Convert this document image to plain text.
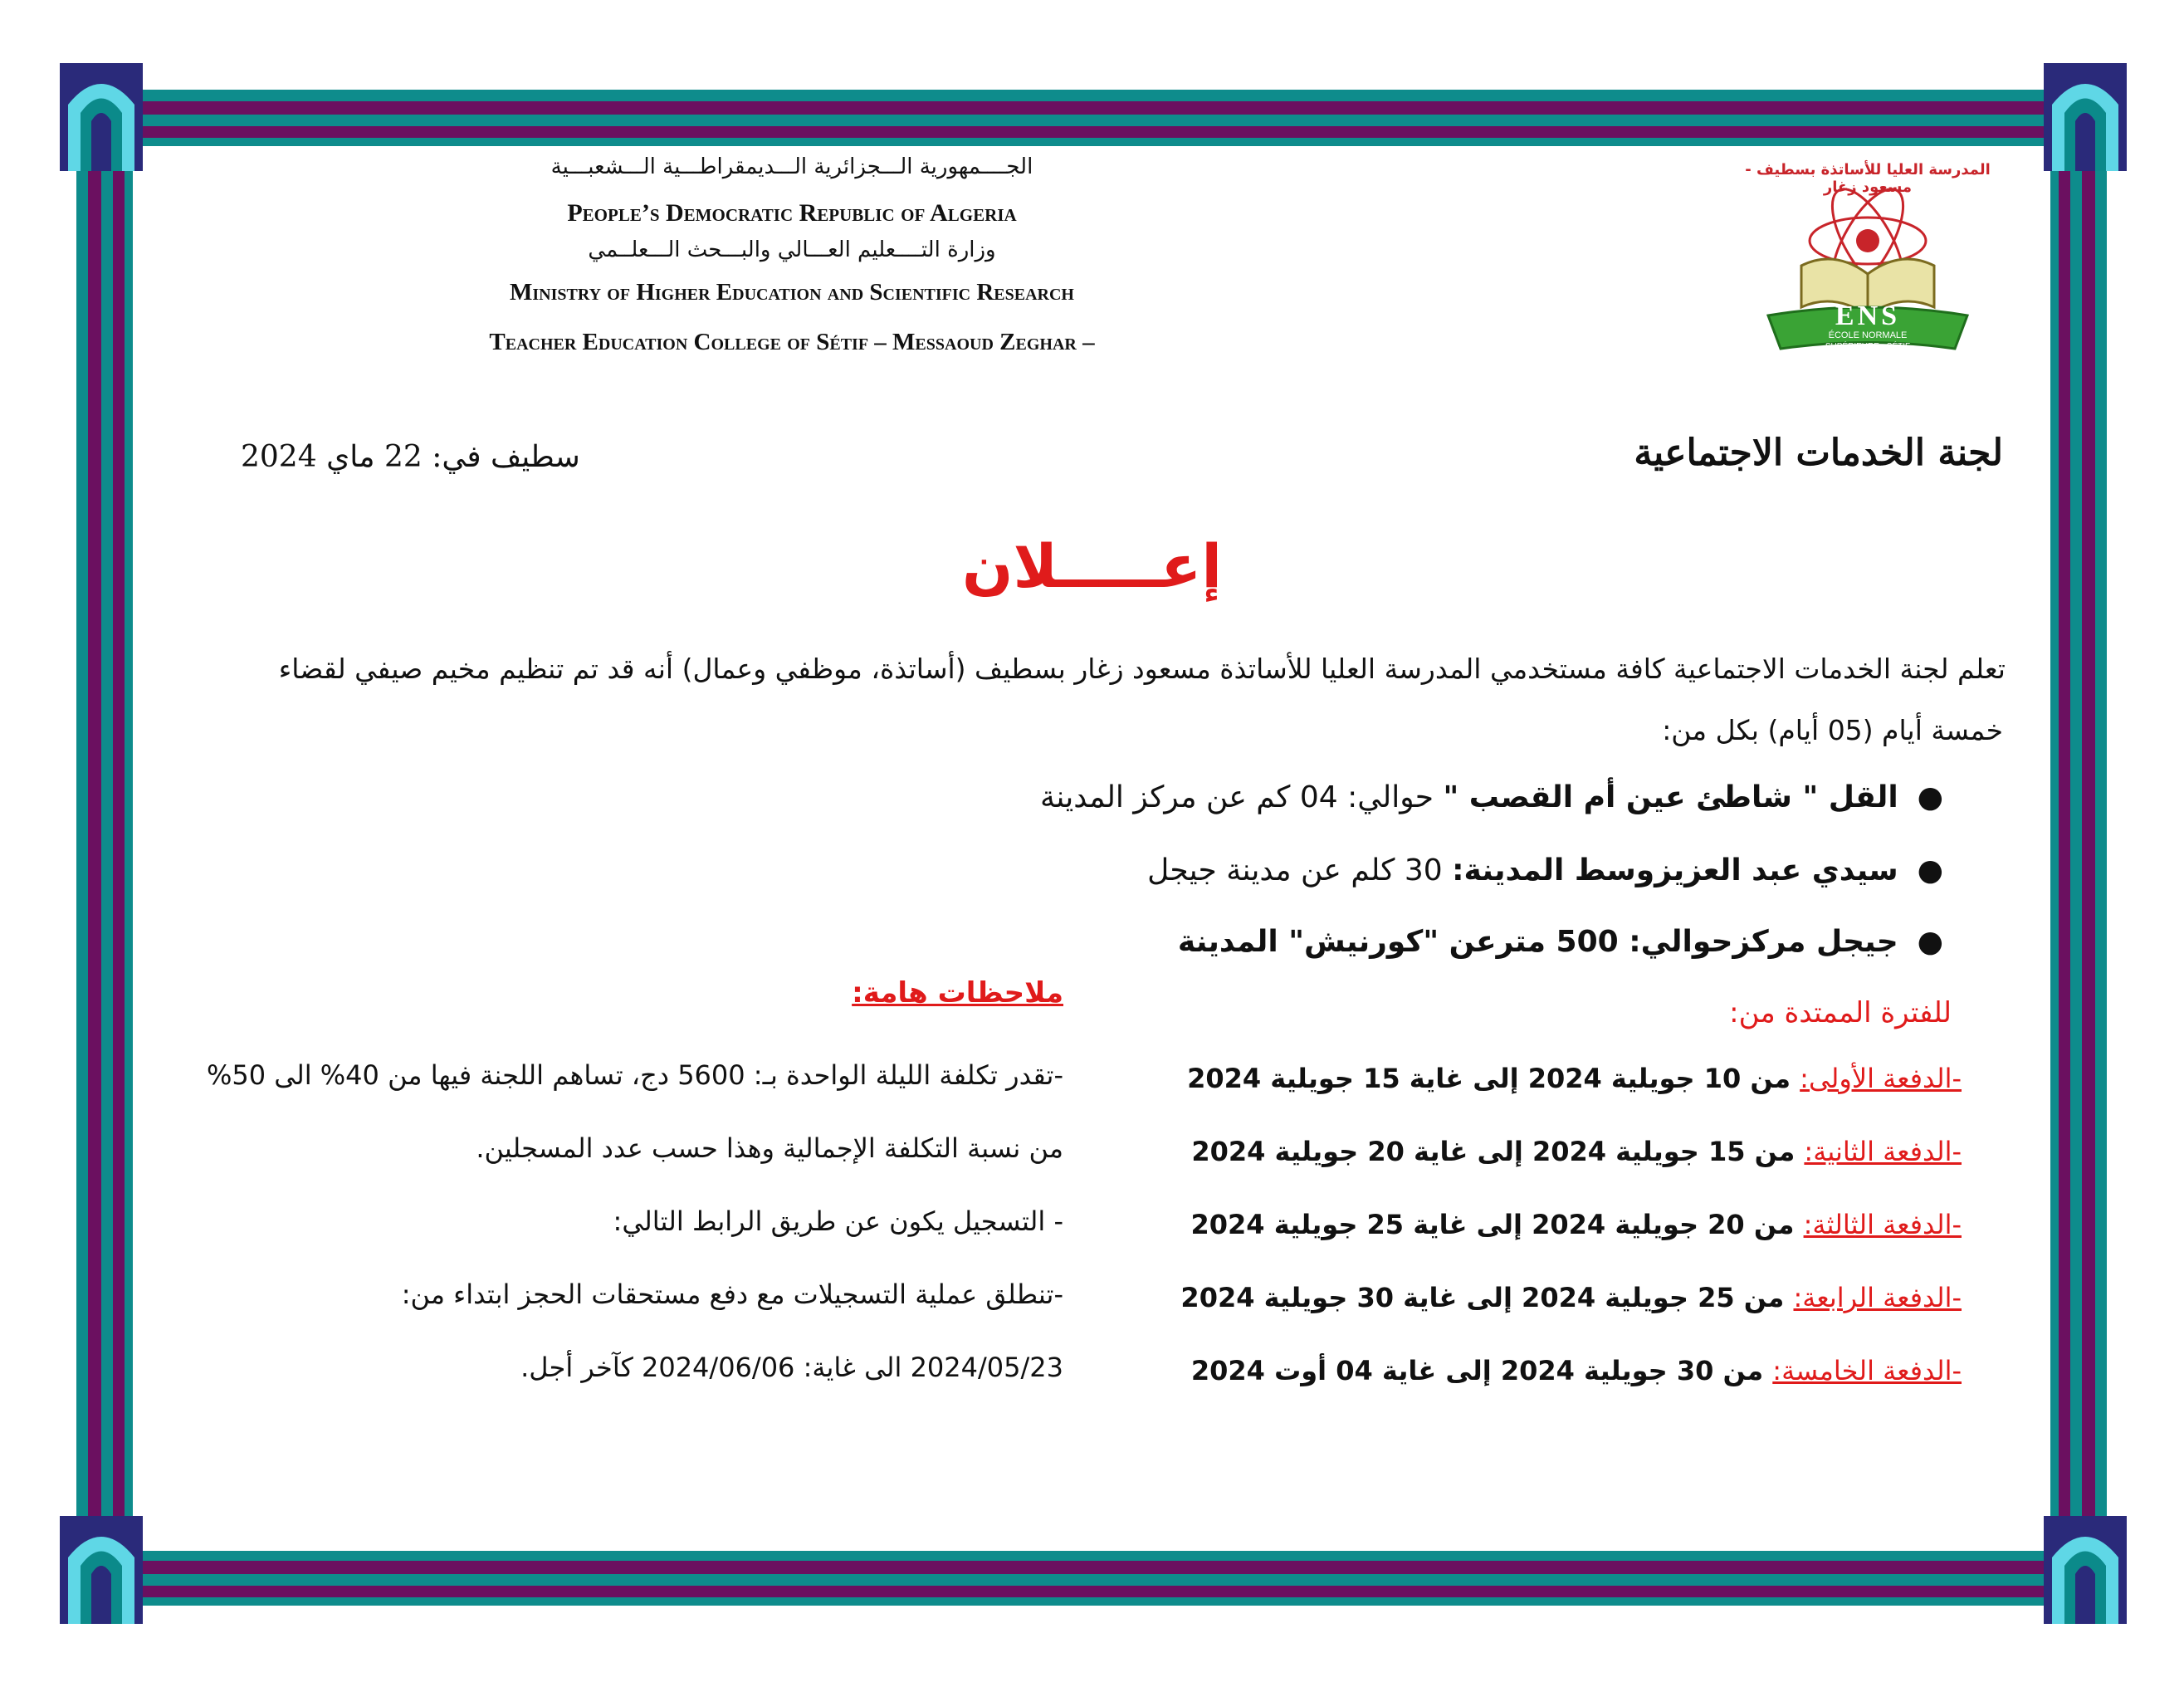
الجــــمهورية الـــجزائرية الـــديمقراطـــية الـــشعبـــية
People’s Democratic Republic of Algeria
وزارة التــــعليم العـــالي والبـــحث الـــعلــمي
Ministry of Higher Education and Scientific Research
Teacher Education College of Sétif – Messaoud Zeghar –
المدرسة العليا للأساتذة بسطيف - مسعود زغار
ENS
ÉCOLE NORMALE
SUPÉRIEURE - SÉTIF
لجنة الخدمات الاجتماعية
سطيف في: 22 ماي 2024
إعـــــلان
تعلم لجنة الخدمات الاجتماعية كافة مستخدمي المدرسة العليا للأساتذة مسعود زغار بسطيف (أساتذة، موظفي وعمال) أنه قد تم تنظيم مخيم صيفي لقضاء
خمسة أيام (05 أيام) بكل من:
●  القل " شاطئ عين أم القصب " حوالي: 04 كم عن مركز المدينة
●  سيدي عبد العزيزوسط المدينة: 30 كلم عن مدينة جيجل
●  جيجل مركزحوالي: 500 مترعن "كورنيش" المدينة
للفترة الممتدة من:
-الدفعة الأولى: من 10 جويلية 2024 إلى غاية 15 جويلية 2024
-الدفعة الثانية: من 15 جويلية 2024 إلى غاية 20 جويلية 2024
-الدفعة الثالثة: من 20 جويلية 2024 إلى غاية 25 جويلية 2024
-الدفعة الرابعة: من 25 جويلية 2024 إلى غاية 30 جويلية 2024
-الدفعة الخامسة: من 30 جويلية 2024 إلى غاية 04 أوت 2024
ملاحظات هامة:
-تقدر تكلفة الليلة الواحدة بـ: 5600 دج، تساهم اللجنة فيها من 40% الى 50%
من نسبة التكلفة الإجمالية وهذا حسب عدد المسجلين.
- التسجيل يكون عن طريق الرابط التالي:
-تنطلق عملية التسجيلات مع دفع مستحقات الحجز ابتداء من:
2024/05/23 الى غاية: 2024/06/06 كآخر أجل.
